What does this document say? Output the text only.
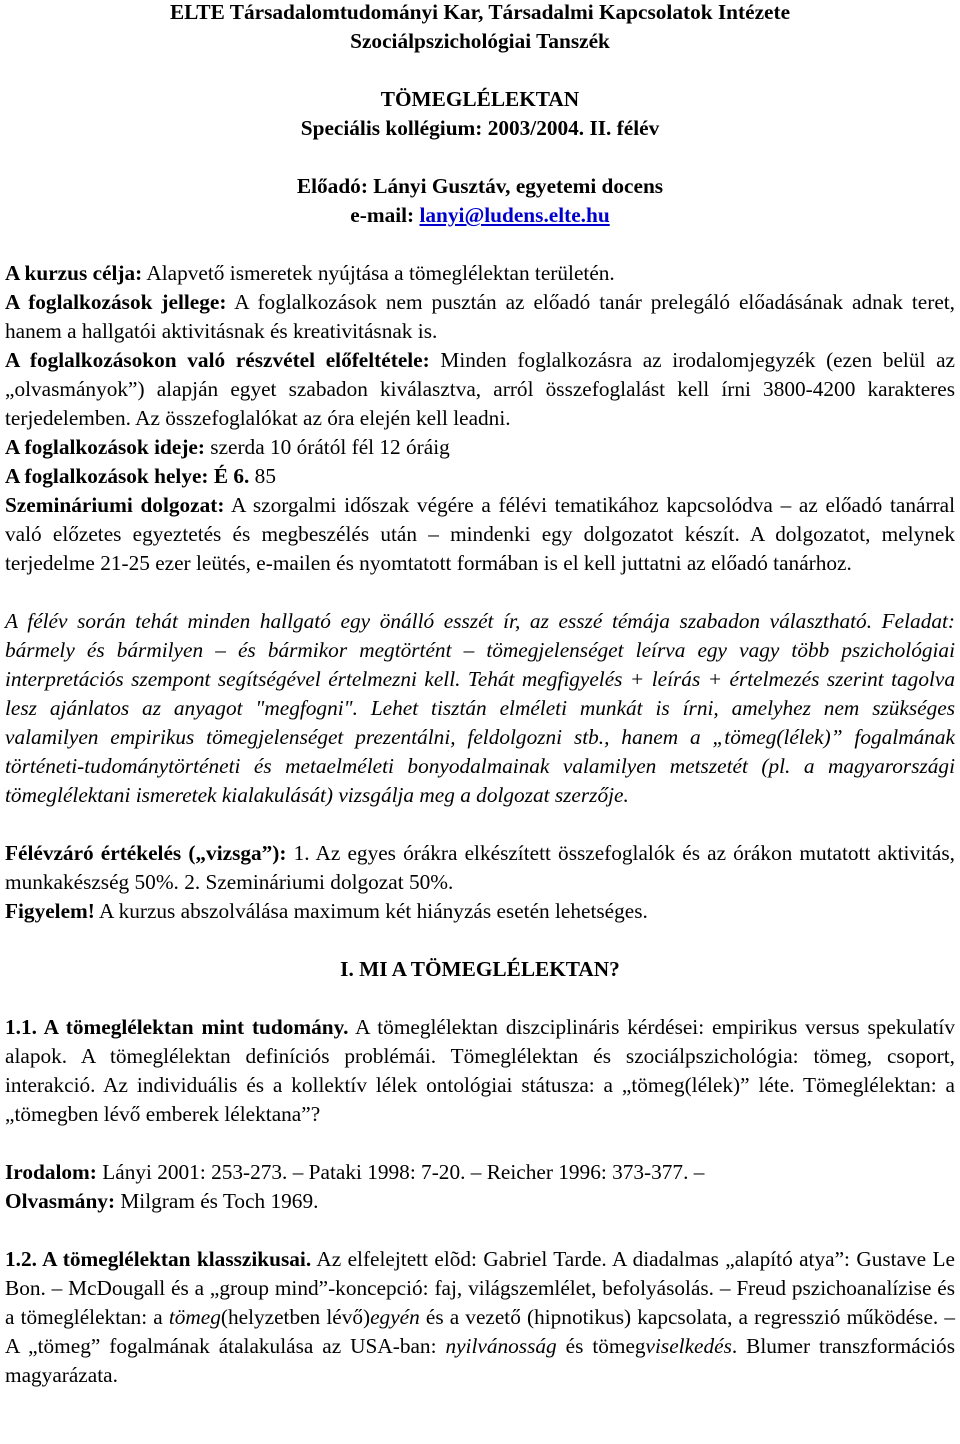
ELTE Társadalomtudományi Kar, Társadalmi Kapcsolatok Intézete

Szociálpszichológiai Tanszék

TÖMEGLÉLEKTAN

Speciális kollégium: 2003/2004. II. félév

Előadó: Lányi Gusztáv, egyetemi docens

e-mail: lanyi@ludens.elte.hu

A kurzus célja: Alapvető ismeretek nyújtása a tömeglélektan területén.

A foglalkozások jellege: A foglalkozások nem pusztán az előadó tanár prelegáló előadásának adnak teret, hanem a hallgatói aktivitásnak és kreativitásnak is.

A foglalkozásokon való részvétel előfeltétele: Minden foglalkozásra az irodalomjegyzék (ezen belül az „olvasmányok”) alapján egyet szabadon kiválasztva, arról összefoglalást kell írni 3800-4200 karakteres terjedelemben. Az összefoglalókat az óra elején kell leadni.

A foglalkozások ideje: szerda 10 órától fél 12 óráig

A foglalkozások helye: É 6. 85

Szemináriumi dolgozat: A szorgalmi időszak végére a félévi tematikához kapcsolódva – az előadó tanárral való előzetes egyeztetés és megbeszélés után – mindenki egy dolgozatot készít. A dolgozatot, melynek terjedelme 21-25 ezer leütés, e-mailen és nyomtatott formában is el kell juttatni az előadó tanárhoz.

A félév során tehát minden hallgató egy önálló esszét ír, az esszé témája szabadon választható. Feladat: bármely és bármilyen – és bármikor megtörtént – tömegjelenséget leírva egy vagy több pszichológiai interpretációs szempont segítségével értelmezni kell. Tehát megfigyelés + leírás + értelmezés szerint tagolva lesz ajánlatos az anyagot "megfogni". Lehet tisztán elméleti munkát is írni, amelyhez nem szükséges valamilyen empirikus tömegjelenséget prezentálni, feldolgozni stb., hanem a „tömeg(lélek)” fogalmának történeti-tudománytörténeti és metaelméleti bonyodalmainak valamilyen metszetét (pl. a magyarországi tömeglélektani ismeretek kialakulását) vizsgálja meg a dolgozat szerzője.

Félévzáró értékelés („vizsga”): 1. Az egyes órákra elkészített összefoglalók és az órákon mutatott aktivitás, munkakészség 50%. 2. Szemináriumi dolgozat 50%.

Figyelem! A kurzus abszolválása maximum két hiányzás esetén lehetséges.

I. MI A TÖMEGLÉLEKTAN?

1.1. A tömeglélektan mint tudomány. A tömeglélektan diszciplináris kérdései: empirikus versus spekulatív alapok. A tömeglélektan definíciós problémái. Tömeglélektan és szociálpszichológia: tömeg, csoport, interakció. Az individuális és a kollektív lélek ontológiai státusza: a „tömeg(lélek)” léte. Tömeglélektan: a „tömegben lévő emberek lélektana”?

Irodalom: Lányi 2001: 253-273. – Pataki 1998: 7-20. – Reicher 1996: 373-377. –

Olvasmány: Milgram és Toch 1969.

1.2. A tömeglélektan klasszikusai. Az elfelejtett elõd: Gabriel Tarde. A diadalmas „alapító atya”: Gustave Le Bon. – McDougall és a „group mind”-koncepció: faj, világszemlélet, befolyásolás. – Freud pszichoanalízise és a tömeglélektan: a tömeg(helyzetben lévő)egyén és a vezető (hipnotikus) kapcsolata, a regresszió működése. – A „tömeg” fogalmának átalakulása az USA-ban: nyilvánosság és tömegviselkedés. Blumer transzformációs magyarázata.
